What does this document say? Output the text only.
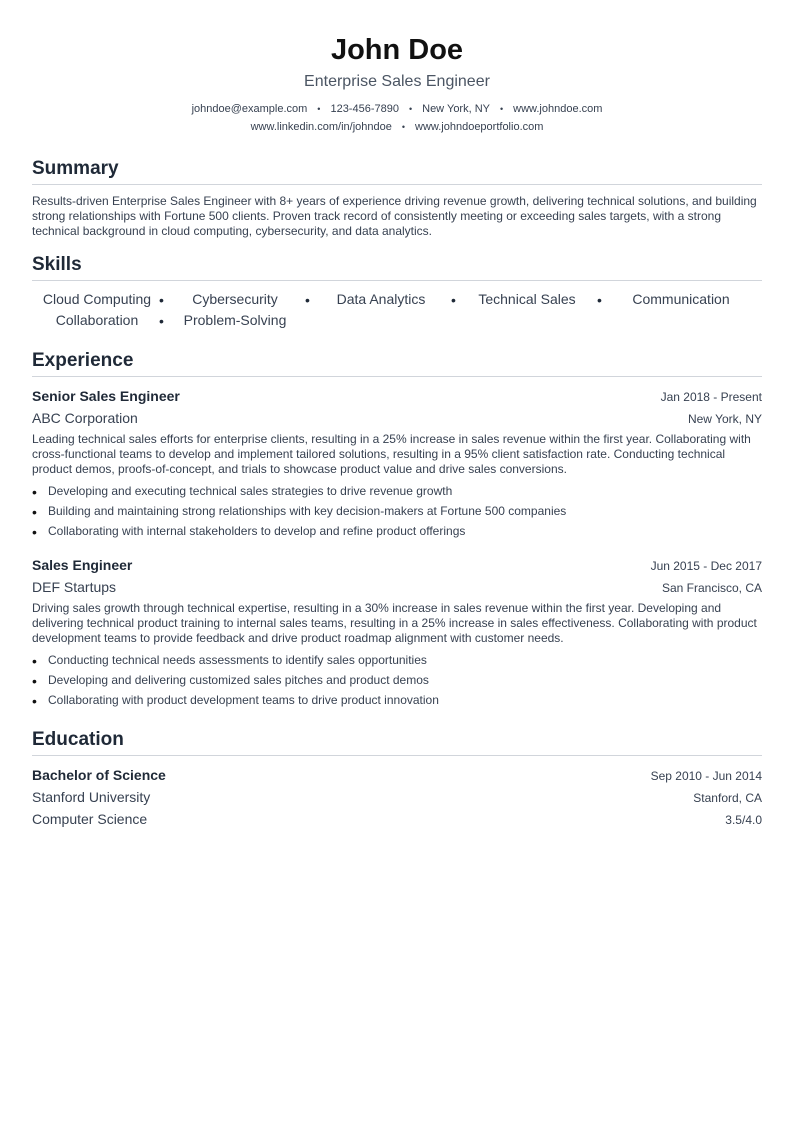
John Doe
Enterprise Sales Engineer
johndoe@example.com • 123-456-7890 • New York, NY • www.johndoe.com
www.linkedin.com/in/johndoe • www.johndoeportfolio.com
Summary
Results-driven Enterprise Sales Engineer with 8+ years of experience driving revenue growth, delivering technical solutions, and building strong relationships with Fortune 500 clients. Proven track record of consistently meeting or exceeding sales targets, with a strong technical background in cloud computing, cybersecurity, and data analytics.
Skills
Cloud Computing • Cybersecurity	• Data Analytics	• Technical Sales	• Communication
Collaboration	• Problem-Solving
Experience
Senior Sales Engineer	Jan 2018 - Present
ABC Corporation	New York, NY
Leading technical sales efforts for enterprise clients, resulting in a 25% increase in sales revenue within the first year. Collaborating with cross-functional teams to develop and implement tailored solutions, resulting in a 95% client satisfaction rate. Conducting technical product demos, proofs-of-concept, and trials to showcase product value and drive sales conversions.
• Developing and executing technical sales strategies to drive revenue growth
• Building and maintaining strong relationships with key decision-makers at Fortune 500 companies
• Collaborating with internal stakeholders to develop and refine product offerings
Sales Engineer	Jun 2015 - Dec 2017
DEF Startups	San Francisco, CA
Driving sales growth through technical expertise, resulting in a 30% increase in sales revenue within the first year. Developing and delivering technical product training to internal sales teams, resulting in a 25% increase in sales effectiveness. Collaborating with product development teams to provide feedback and drive product roadmap alignment with customer needs.
• Conducting technical needs assessments to identify sales opportunities
• Developing and delivering customized sales pitches and product demos
• Collaborating with product development teams to drive product innovation
Education
Bachelor of Science	Sep 2010 - Jun 2014
Stanford University	Stanford, CA
Computer Science	3.5/4.0
